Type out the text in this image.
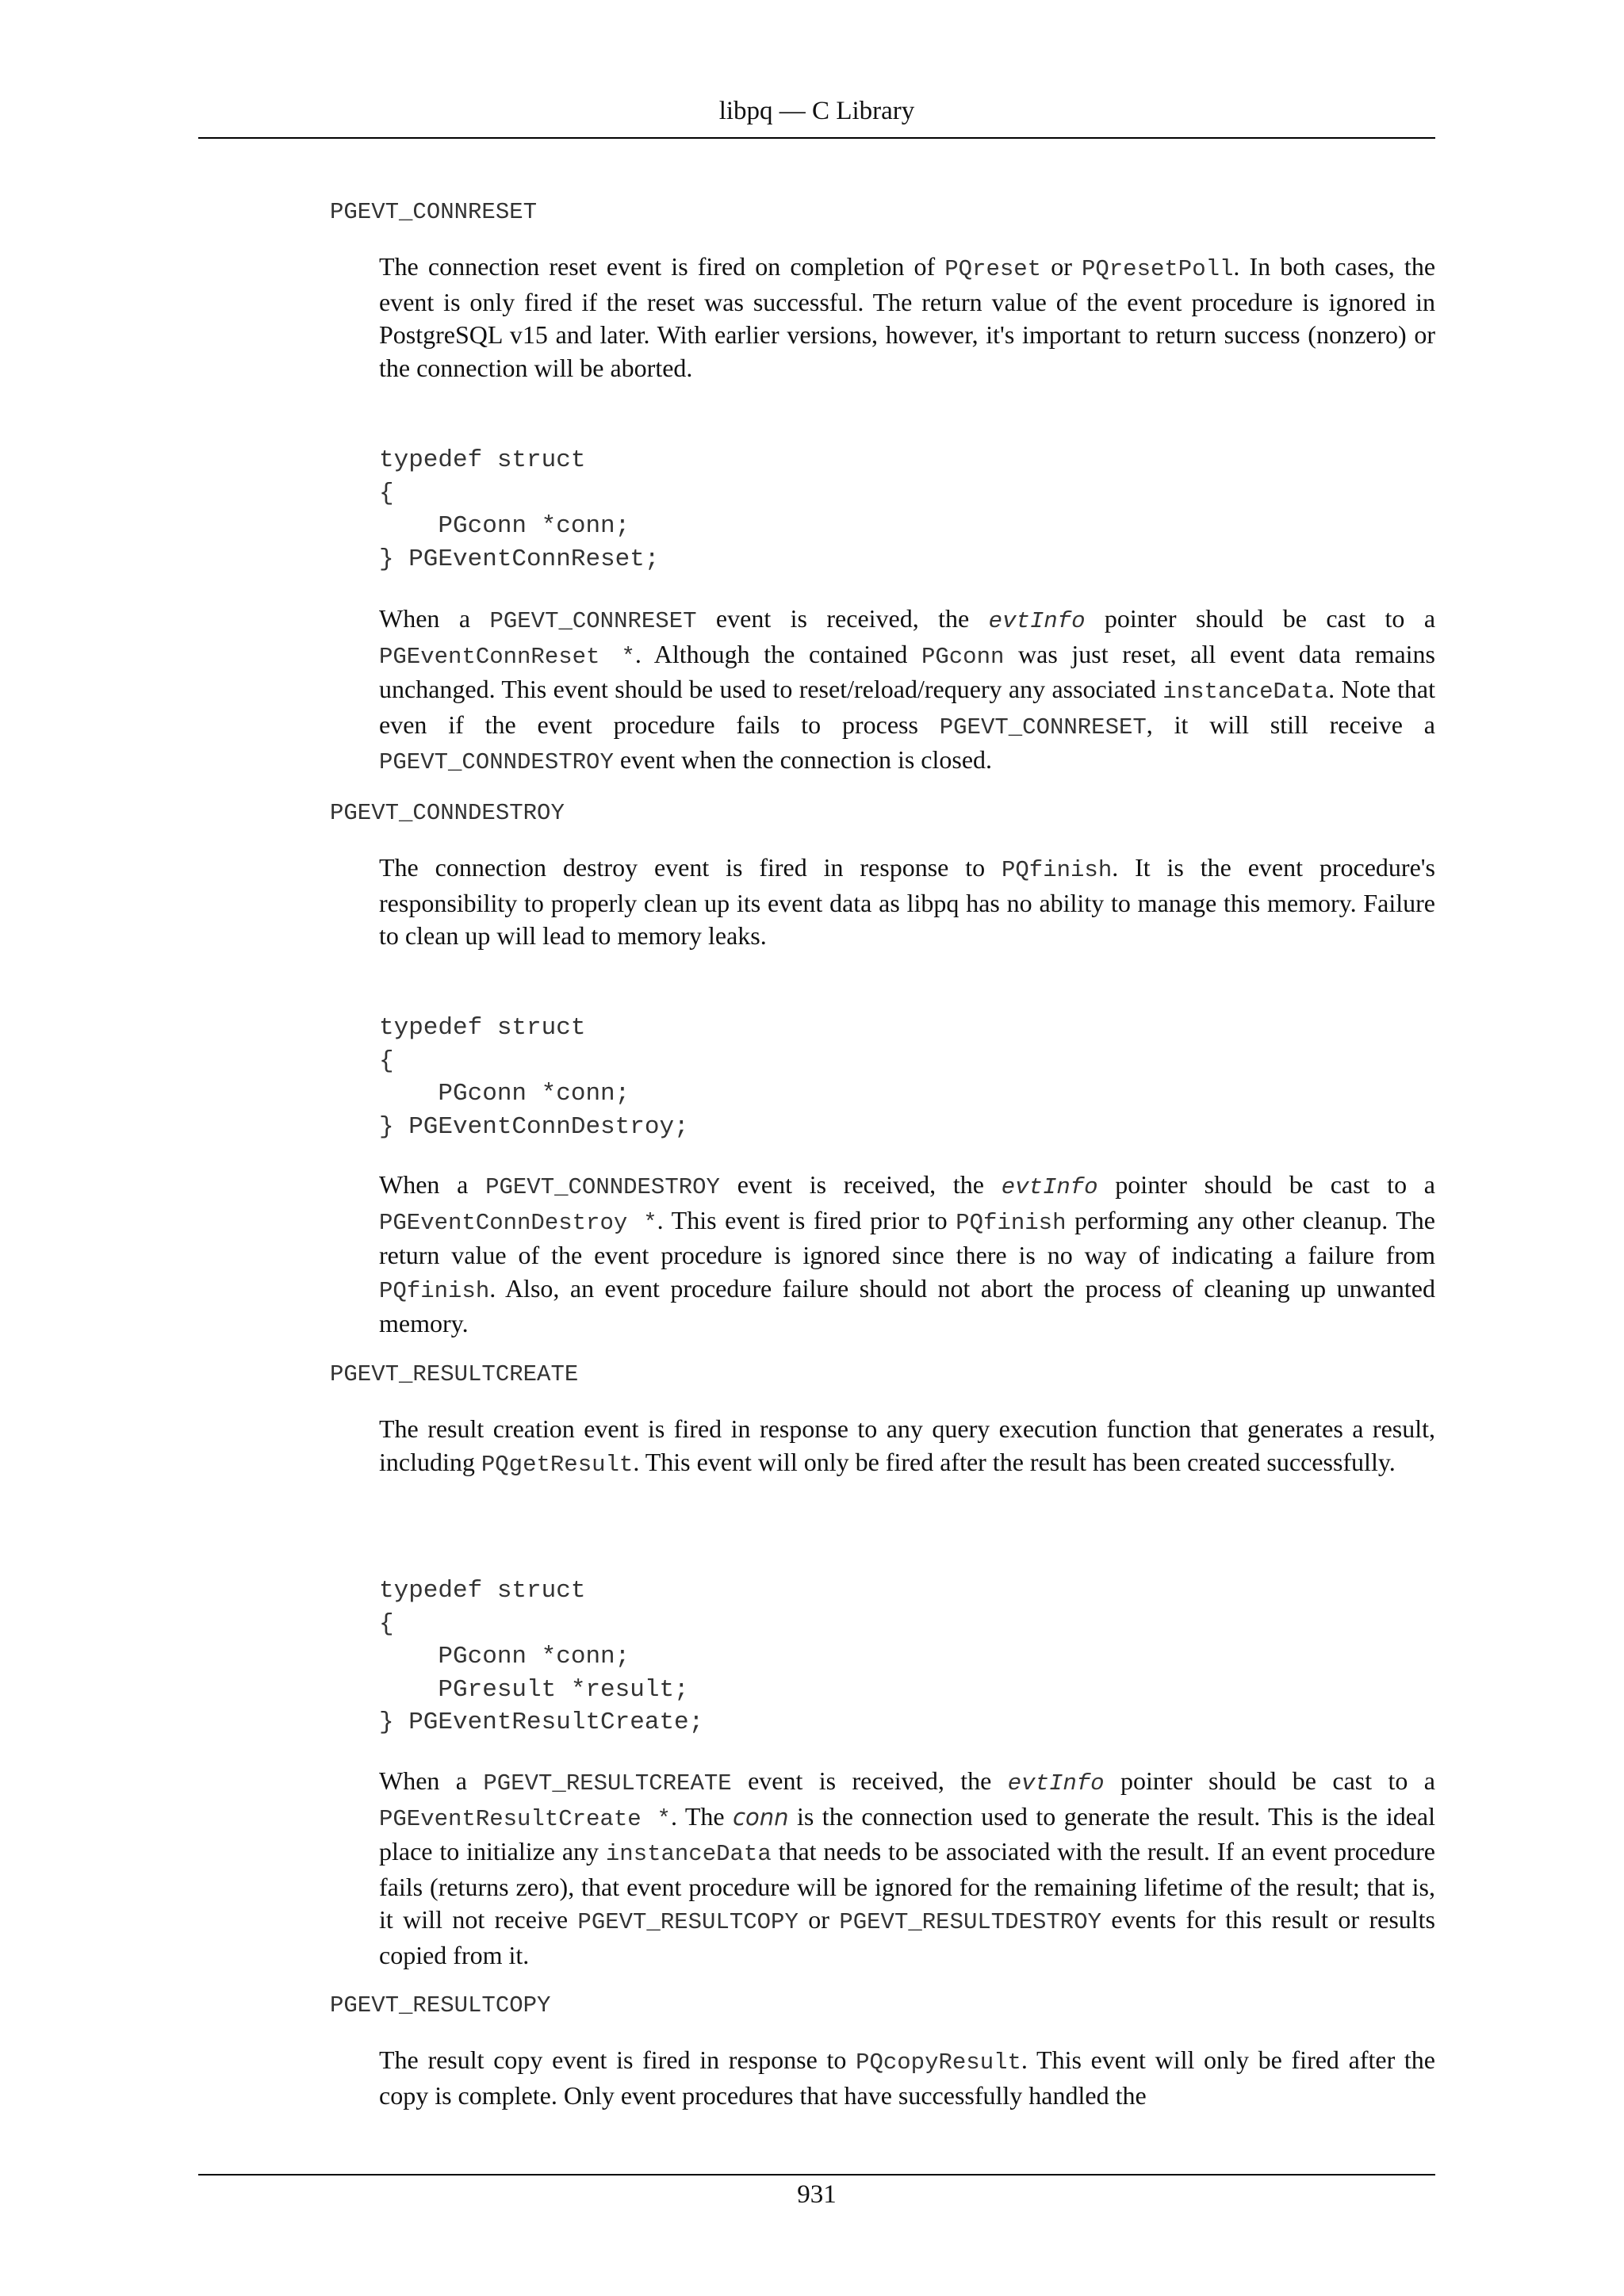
libpq — C Library
PGEVT_CONNRESET

The connection reset event is fired on completion of PQreset or PQresetPoll. In both cases, the event is only fired if the reset was successful. The return value of the event procedure is ignored in PostgreSQL v15 and later. With earlier versions, however, it's important to return success (nonzero) or the connection will be aborted.

typedef struct
{
PGconn *conn;
} PGEventConnReset;

When a PGEVT_CONNRESET event is received, the evtInfo pointer should be cast to a PGEventConnReset *. Although the contained PGconn was just reset, all event data remains unchanged. This event should be used to reset/reload/requery any associated instanceData. Note that even if the event procedure fails to process PGEVT_CONNRESET, it will still receive a PGEVT_CONNDESTROY event when the connection is closed.

PGEVT_CONNDESTROY

The connection destroy event is fired in response to PQfinish. It is the event procedure's responsibility to properly clean up its event data as libpq has no ability to manage this memory. Failure to clean up will lead to memory leaks.

typedef struct
{
PGconn *conn;
} PGEventConnDestroy;

When a PGEVT_CONNDESTROY event is received, the evtInfo pointer should be cast to a PGEventConnDestroy *. This event is fired prior to PQfinish performing any other cleanup. The return value of the event procedure is ignored since there is no way of indicating a failure from PQfinish. Also, an event procedure failure should not abort the process of cleaning up unwanted memory.

PGEVT_RESULTCREATE

The result creation event is fired in response to any query execution function that generates a result, including PQgetResult. This event will only be fired after the result has been created successfully.

typedef struct
{
PGconn *conn;
PGresult *result;
} PGEventResultCreate;

When a PGEVT_RESULTCREATE event is received, the evtInfo pointer should be cast to a PGEventResultCreate *. The conn is the connection used to generate the result. This is the ideal place to initialize any instanceData that needs to be associated with the result. If an event procedure fails (returns zero), that event procedure will be ignored for the remaining lifetime of the result; that is, it will not receive PGEVT_RESULTCOPY or PGEVT_RESULTDESTROY events for this result or results copied from it.

PGEVT_RESULTCOPY

The result copy event is fired in response to PQcopyResult. This event will only be fired after the copy is complete. Only event procedures that have successfully handled the

931
